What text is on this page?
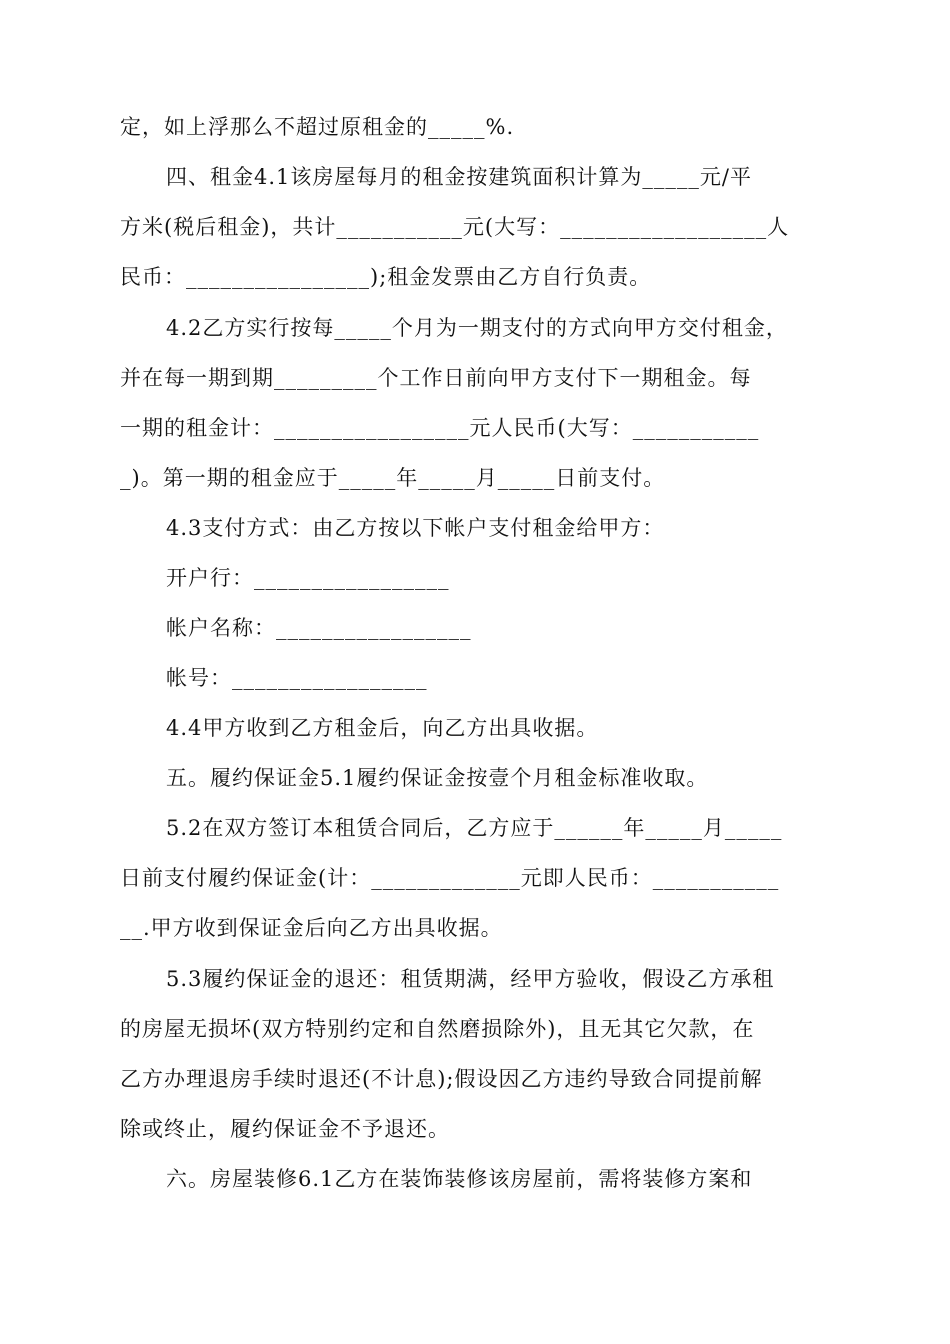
定，如上浮那么不超过原租金的_____%.
四、租金4.1该房屋每月的租金按建筑面积计算为_____元/平
方米(税后租金)，共计___________元(大写：__________________人
民币：________________);租金发票由乙方自行负责。
4.2乙方实行按每_____个月为一期支付的方式向甲方交付租金，
并在每一期到期_________个工作日前向甲方支付下一期租金。每
一期的租金计：_________________元人民币(大写：___________
_)。第一期的租金应于_____年_____月_____日前支付。
4.3支付方式：由乙方按以下帐户支付租金给甲方：
开户行：_________________
帐户名称：_________________
帐号：_________________
4.4甲方收到乙方租金后，向乙方出具收据。
五。履约保证金5.1履约保证金按壹个月租金标准收取。
5.2在双方签订本租赁合同后，乙方应于______年_____月_____
日前支付履约保证金(计：_____________元即人民币：___________
__.甲方收到保证金后向乙方出具收据。
5.3履约保证金的退还：租赁期满，经甲方验收，假设乙方承租
的房屋无损坏(双方特别约定和自然磨损除外)，且无其它欠款，在
乙方办理退房手续时退还(不计息);假设因乙方违约导致合同提前解
除或终止，履约保证金不予退还。
六。房屋装修6.1乙方在装饰装修该房屋前，需将装修方案和
